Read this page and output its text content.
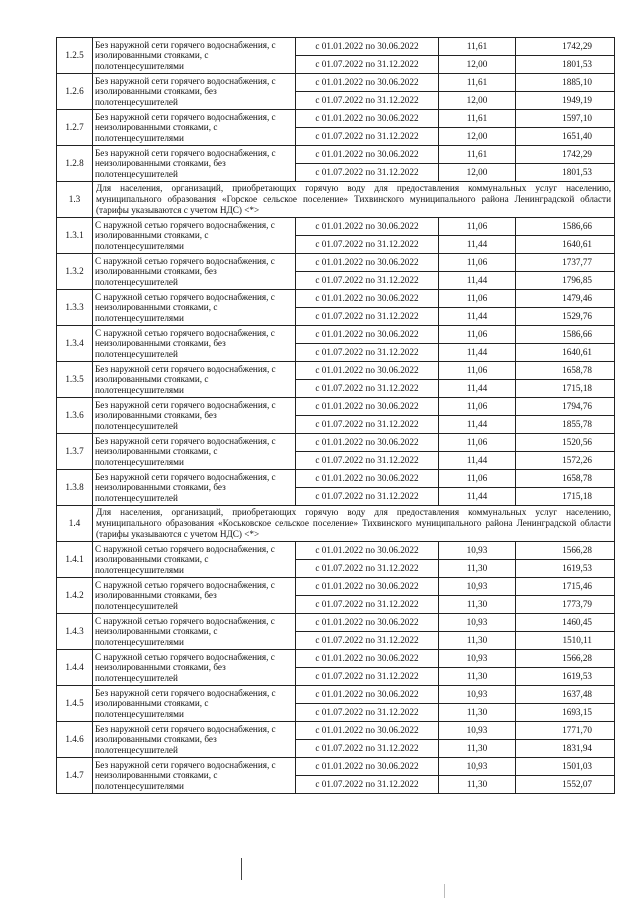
1.2.5	Без наружной сети горячего водоснабжения, с изолированными стояками, с полотенцесушителями	с 01.01.2022 по 30.06.2022	11,61	1742,29
		с 01.07.2022 по 31.12.2022	12,00	1801,53
1.2.6	Без наружной сети горячего водоснабжения, с изолированными стояками, без полотенцесушителей	с 01.01.2022 по 30.06.2022	11,61	1885,10
		с 01.07.2022 по 31.12.2022	12,00	1949,19
1.2.7	Без наружной сети горячего водоснабжения, с неизолированными стояками, с полотенцесушителями	с 01.01.2022 по 30.06.2022	11,61	1597,10
		с 01.07.2022 по 31.12.2022	12,00	1651,40
1.2.8	Без наружной сети горячего водоснабжения, с неизолированными стояками, без полотенцесушителей	с 01.01.2022 по 30.06.2022	11,61	1742,29
		с 01.07.2022 по 31.12.2022	12,00	1801,53
1.3	Для населения, организаций, приобретающих горячую воду для предоставления коммунальных услуг населению, муниципального образования «Горское сельское поселение» Тихвинского муниципального района Ленинградской области (тарифы указываются с учетом НДС) <*>			
1.3.1	С наружной сетью горячего водоснабжения, с изолированными стояками, с полотенцесушителями	с 01.01.2022 по 30.06.2022	11,06	1586,66
		с 01.07.2022 по 31.12.2022	11,44	1640,61
1.3.2	С наружной сетью горячего водоснабжения, с изолированными стояками, без полотенцесушителей	с 01.01.2022 по 30.06.2022	11,06	1737,77
		с 01.07.2022 по 31.12.2022	11,44	1796,85
1.3.3	С наружной сетью горячего водоснабжения, с неизолированными стояками, с полотенцесушителями	с 01.01.2022 по 30.06.2022	11,06	1479,46
		с 01.07.2022 по 31.12.2022	11,44	1529,76
1.3.4	С наружной сетью горячего водоснабжения, с неизолированными стояками, без полотенцесушителей	с 01.01.2022 по 30.06.2022	11,06	1586,66
		с 01.07.2022 по 31.12.2022	11,44	1640,61
1.3.5	Без наружной сети горячего водоснабжения, с изолированными стояками, с полотенцесушителями	с 01.01.2022 по 30.06.2022	11,06	1658,78
		с 01.07.2022 по 31.12.2022	11,44	1715,18
1.3.6	Без наружной сети горячего водоснабжения, с изолированными стояками, без полотенцесушителей	с 01.01.2022 по 30.06.2022	11,06	1794,76
		с 01.07.2022 по 31.12.2022	11,44	1855,78
1.3.7	Без наружной сети горячего водоснабжения, с неизолированными стояками, с полотенцесушителями	с 01.01.2022 по 30.06.2022	11,06	1520,56
		с 01.07.2022 по 31.12.2022	11,44	1572,26
1.3.8	Без наружной сети горячего водоснабжения, с неизолированными стояками, без полотенцесушителей	с 01.01.2022 по 30.06.2022	11,06	1658,78
		с 01.07.2022 по 31.12.2022	11,44	1715,18
1.4	Для населения, организаций, приобретающих горячую воду для предоставления коммунальных услуг населению, муниципального образования «Коськовское сельское поселение» Тихвинского муниципального района Ленинградской области (тарифы указываются с учетом НДС) <*>			
1.4.1	С наружной сетью горячего водоснабжения, с изолированными стояками, с полотенцесушителями	с 01.01.2022 по 30.06.2022	10,93	1566,28
		с 01.07.2022 по 31.12.2022	11,30	1619,53
1.4.2	С наружной сетью горячего водоснабжения, с изолированными стояками, без полотенцесушителей	с 01.01.2022 по 30.06.2022	10,93	1715,46
		с 01.07.2022 по 31.12.2022	11,30	1773,79
1.4.3	С наружной сетью горячего водоснабжения, с неизолированными стояками, с полотенцесушителями	с 01.01.2022 по 30.06.2022	10,93	1460,45
		с 01.07.2022 по 31.12.2022	11,30	1510,11
1.4.4	С наружной сетью горячего водоснабжения, с неизолированными стояками, без полотенцесушителей	с 01.01.2022 по 30.06.2022	10,93	1566,28
		с 01.07.2022 по 31.12.2022	11,30	1619,53
1.4.5	Без наружной сети горячего водоснабжения, с изолированными стояками, с полотенцесушителями	с 01.01.2022 по 30.06.2022	10,93	1637,48
		с 01.07.2022 по 31.12.2022	11,30	1693,15
1.4.6	Без наружной сети горячего водоснабжения, с изолированными стояками, без полотенцесушителей	с 01.01.2022 по 30.06.2022	10,93	1771,70
		с 01.07.2022 по 31.12.2022	11,30	1831,94
1.4.7	Без наружной сети горячего водоснабжения, с неизолированными стояками, с полотенцесушителями	с 01.01.2022 по 30.06.2022	10,93	1501,03
		с 01.07.2022 по 31.12.2022	11,30	1552,07
